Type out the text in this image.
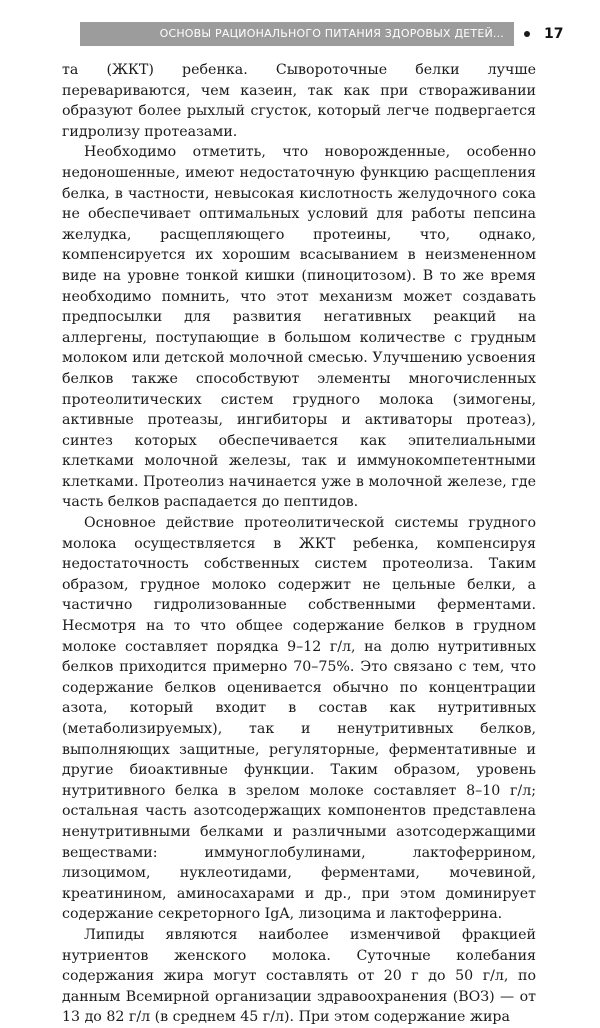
ОСНОВЫ РАЦИОНАЛЬНОГО ПИТАНИЯ ЗДОРОВЫХ ДЕТЕЙ...	17

та (ЖКТ) ребенка. Сывороточные белки лучше перевариваются, чем казеин, так как при створаживании образуют более рыхлый сгусток, который легче подвергается гидролизу протеазами.

Необходимо отметить, что новорожденные, особенно недоношенные, имеют недостаточную функцию расщепления белка, в частности, невысокая кислотность желудочного сока не обеспечивает оптимальных условий для работы пепсина желудка, расщепляющего протеины, что, однако, компенсируется их хорошим всасыванием в неизмененном виде на уровне тонкой кишки (пиноцитозом). В то же время необходимо помнить, что этот механизм может создавать предпосылки для развития негативных реакций на аллергены, поступающие в большом количестве с грудным молоком или детской молочной смесью. Улучшению усвоения белков также способствуют элементы многочисленных протеолитических систем грудного молока (зимогены, активные протеазы, ингибиторы и активаторы протеаз), синтез которых обеспечивается как эпителиальными клетками молочной железы, так и иммунокомпетентными клетками. Протеолиз начинается уже в молочной железе, где часть белков распадается до пептидов.

Основное действие протеолитической системы грудного молока осуществляется в ЖКТ ребенка, компенсируя недостаточность собственных систем протеолиза. Таким образом, грудное молоко содержит не цельные белки, а частично гидролизованные собственными ферментами. Несмотря на то что общее содержание белков в грудном молоке составляет порядка 9–12 г/л, на долю нутритивных белков приходится примерно 70–75%. Это связано с тем, что содержание белков оценивается обычно по концентрации азота, который входит в состав как нутритивных (метаболизируемых), так и ненутритивных белков, выполняющих защитные, регуляторные, ферментативные и другие биоактивные функции. Таким образом, уровень нутритивного белка в зрелом молоке составляет 8–10 г/л; остальная часть азотсодержащих компонентов представлена ненутритивными белками и различными азотсодержащими веществами: иммуноглобулинами, лактоферрином, лизоцимом, нуклеотидами, ферментами, мочевиной, креатинином, аминосахарами и др., при этом доминирует содержание секреторного IgA, лизоцима и лактоферрина.

Липиды являются наиболее изменчивой фракцией нутриентов женского молока. Суточные колебания содержания жира могут составлять от 20 г до 50 г/л, по данным Всемирной организации здравоохранения (ВОЗ) — от 13 до 82 г/л (в среднем 45 г/л). При этом содержание жира
